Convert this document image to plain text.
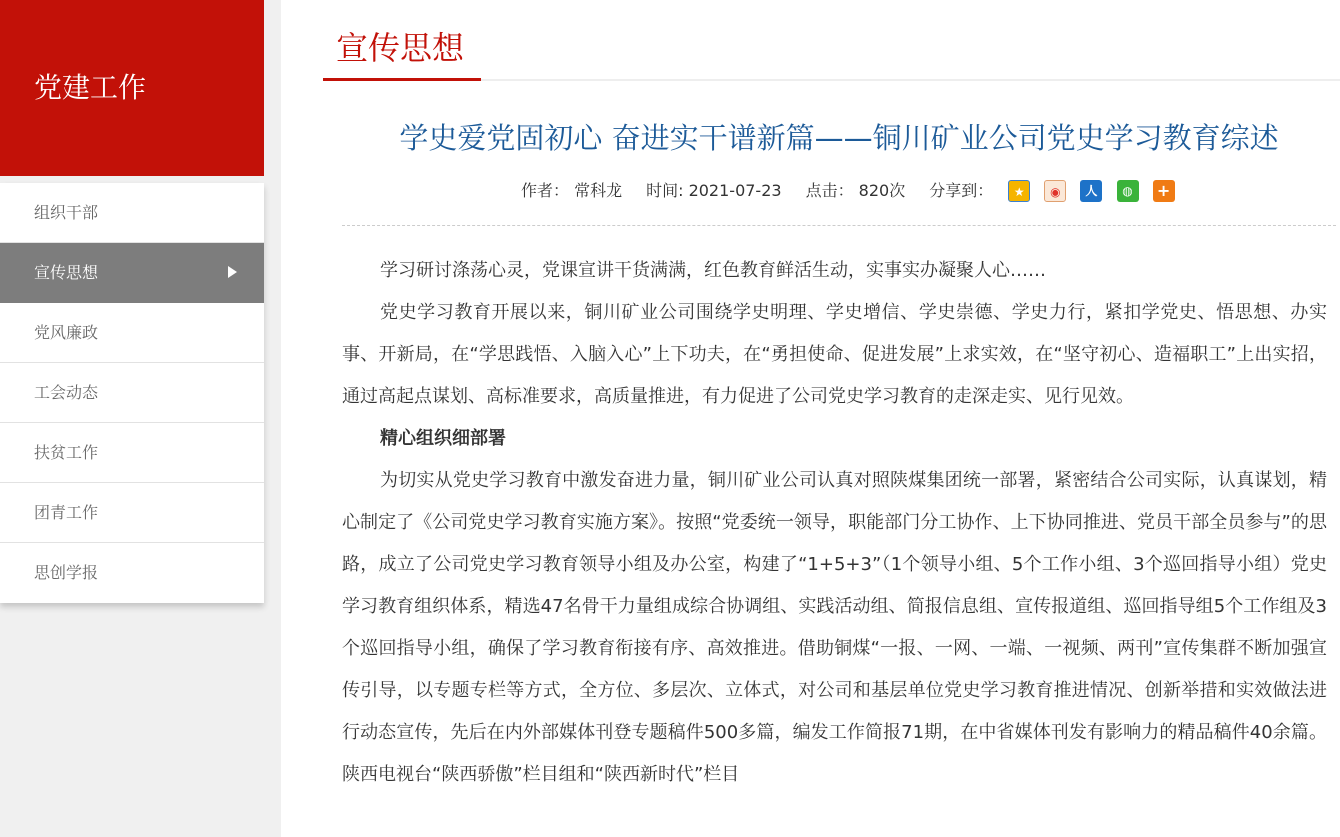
党建工作
组织干部
宣传思想
党风廉政
工会动态
扶贫工作
团青工作
思创学报
宣传思想
学史爱党固初心 奋进实干谱新篇——铜川矿业公司党史学习教育综述
作者： 常科龙 时间: 2021-07-23 点击： 820次 分享到： ★ ◉ 人 ◍ +

学习研讨涤荡心灵，党课宣讲干货满满，红色教育鲜活生动，实事实办凝聚人心……

党史学习教育开展以来，铜川矿业公司围绕学史明理、学史增信、学史崇德、学史力行，紧扣学党史、悟思想、办实事、开新局，在“学思践悟、入脑入心”上下功夫，在“勇担使命、促进发展”上求实效，在“坚守初心、造福职工”上出实招，通过高起点谋划、高标准要求，高质量推进，有力促进了公司党史学习教育的走深走实、见行见效。

精心组织细部署

为切实从党史学习教育中激发奋进力量，铜川矿业公司认真对照陕煤集团统一部署，紧密结合公司实际，认真谋划，精心制定了《公司党史学习教育实施方案》。按照“党委统一领导，职能部门分工协作、上下协同推进、党员干部全员参与”的思路，成立了公司党史学习教育领导小组及办公室，构建了“1+5+3”（1个领导小组、5个工作小组、3个巡回指导小组）党史学习教育组织体系，精选47名骨干力量组成综合协调组、实践活动组、简报信息组、宣传报道组、巡回指导组5个工作组及3个巡回指导小组，确保了学习教育衔接有序、高效推进。借助铜煤“一报、一网、一端、一视频、两刊”宣传集群不断加强宣传引导，以专题专栏等方式，全方位、多层次、立体式，对公司和基层单位党史学习教育推进情况、创新举措和实效做法进行动态宣传，先后在内外部媒体刊登专题稿件500多篇，编发工作简报71期，在中省媒体刊发有影响力的精品稿件40余篇。陕西电视台“陕西骄傲”栏目组和“陕西新时代”栏目
